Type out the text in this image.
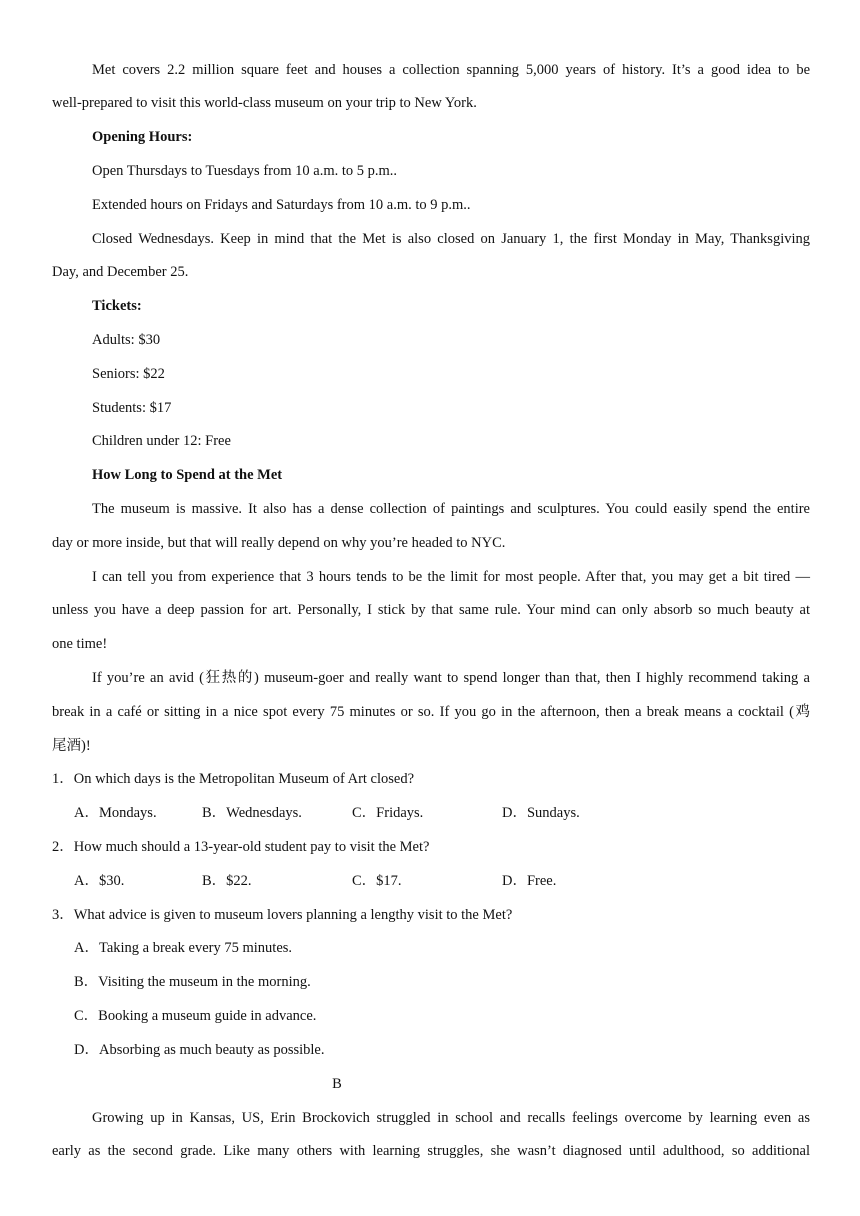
Met covers 2.2 million square feet and houses a collection spanning 5,000 years of history. It’s a good idea to be
well-prepared to visit this world-class museum on your trip to New York.
Opening Hours:
Open Thursdays to Tuesdays from 10 a.m. to 5 p.m..
Extended hours on Fridays and Saturdays from 10 a.m. to 9 p.m..
Closed Wednesdays. Keep in mind that the Met is also closed on January 1, the first Monday in May, Thanksgiving
Day, and December 25.
Tickets:
Adults: $30
Seniors: $22
Students: $17
Children under 12: Free
How Long to Spend at the Met
The museum is massive. It also has a dense collection of paintings and sculptures. You could easily spend the entire
day or more inside, but that will really depend on why you’re headed to NYC.
I can tell you from experience that 3 hours tends to be the limit for most people. After that, you may get a bit tired —
unless you have a deep passion for art. Personally, I stick by that same rule. Your mind can only absorb so much beauty at
one time!
If you’re an avid (狂热的) museum-goer and really want to spend longer than that, then I highly recommend taking a
break in a café or sitting in a nice spot every 75 minutes or so. If you go in the afternoon, then a break means a cocktail (鸡
尾酒)!
1．On which days is the Metropolitan Museum of Art closed?
A．Mondays.	B．Wednesdays.	C．Fridays.	D．Sundays.
2．How much should a 13-year-old student pay to visit the Met?
A．$30.	B．$22.	C．$17.	D．Free.
3．What advice is given to museum lovers planning a lengthy visit to the Met?
A．Taking a break every 75 minutes.
B．Visiting the museum in the morning.
C．Booking a museum guide in advance.
D．Absorbing as much beauty as possible.
B
Growing up in Kansas, US, Erin Brockovich struggled in school and recalls feelings overcome by learning even as
early as the second grade. Like many others with learning struggles, she wasn’t diagnosed until adulthood, so additional
